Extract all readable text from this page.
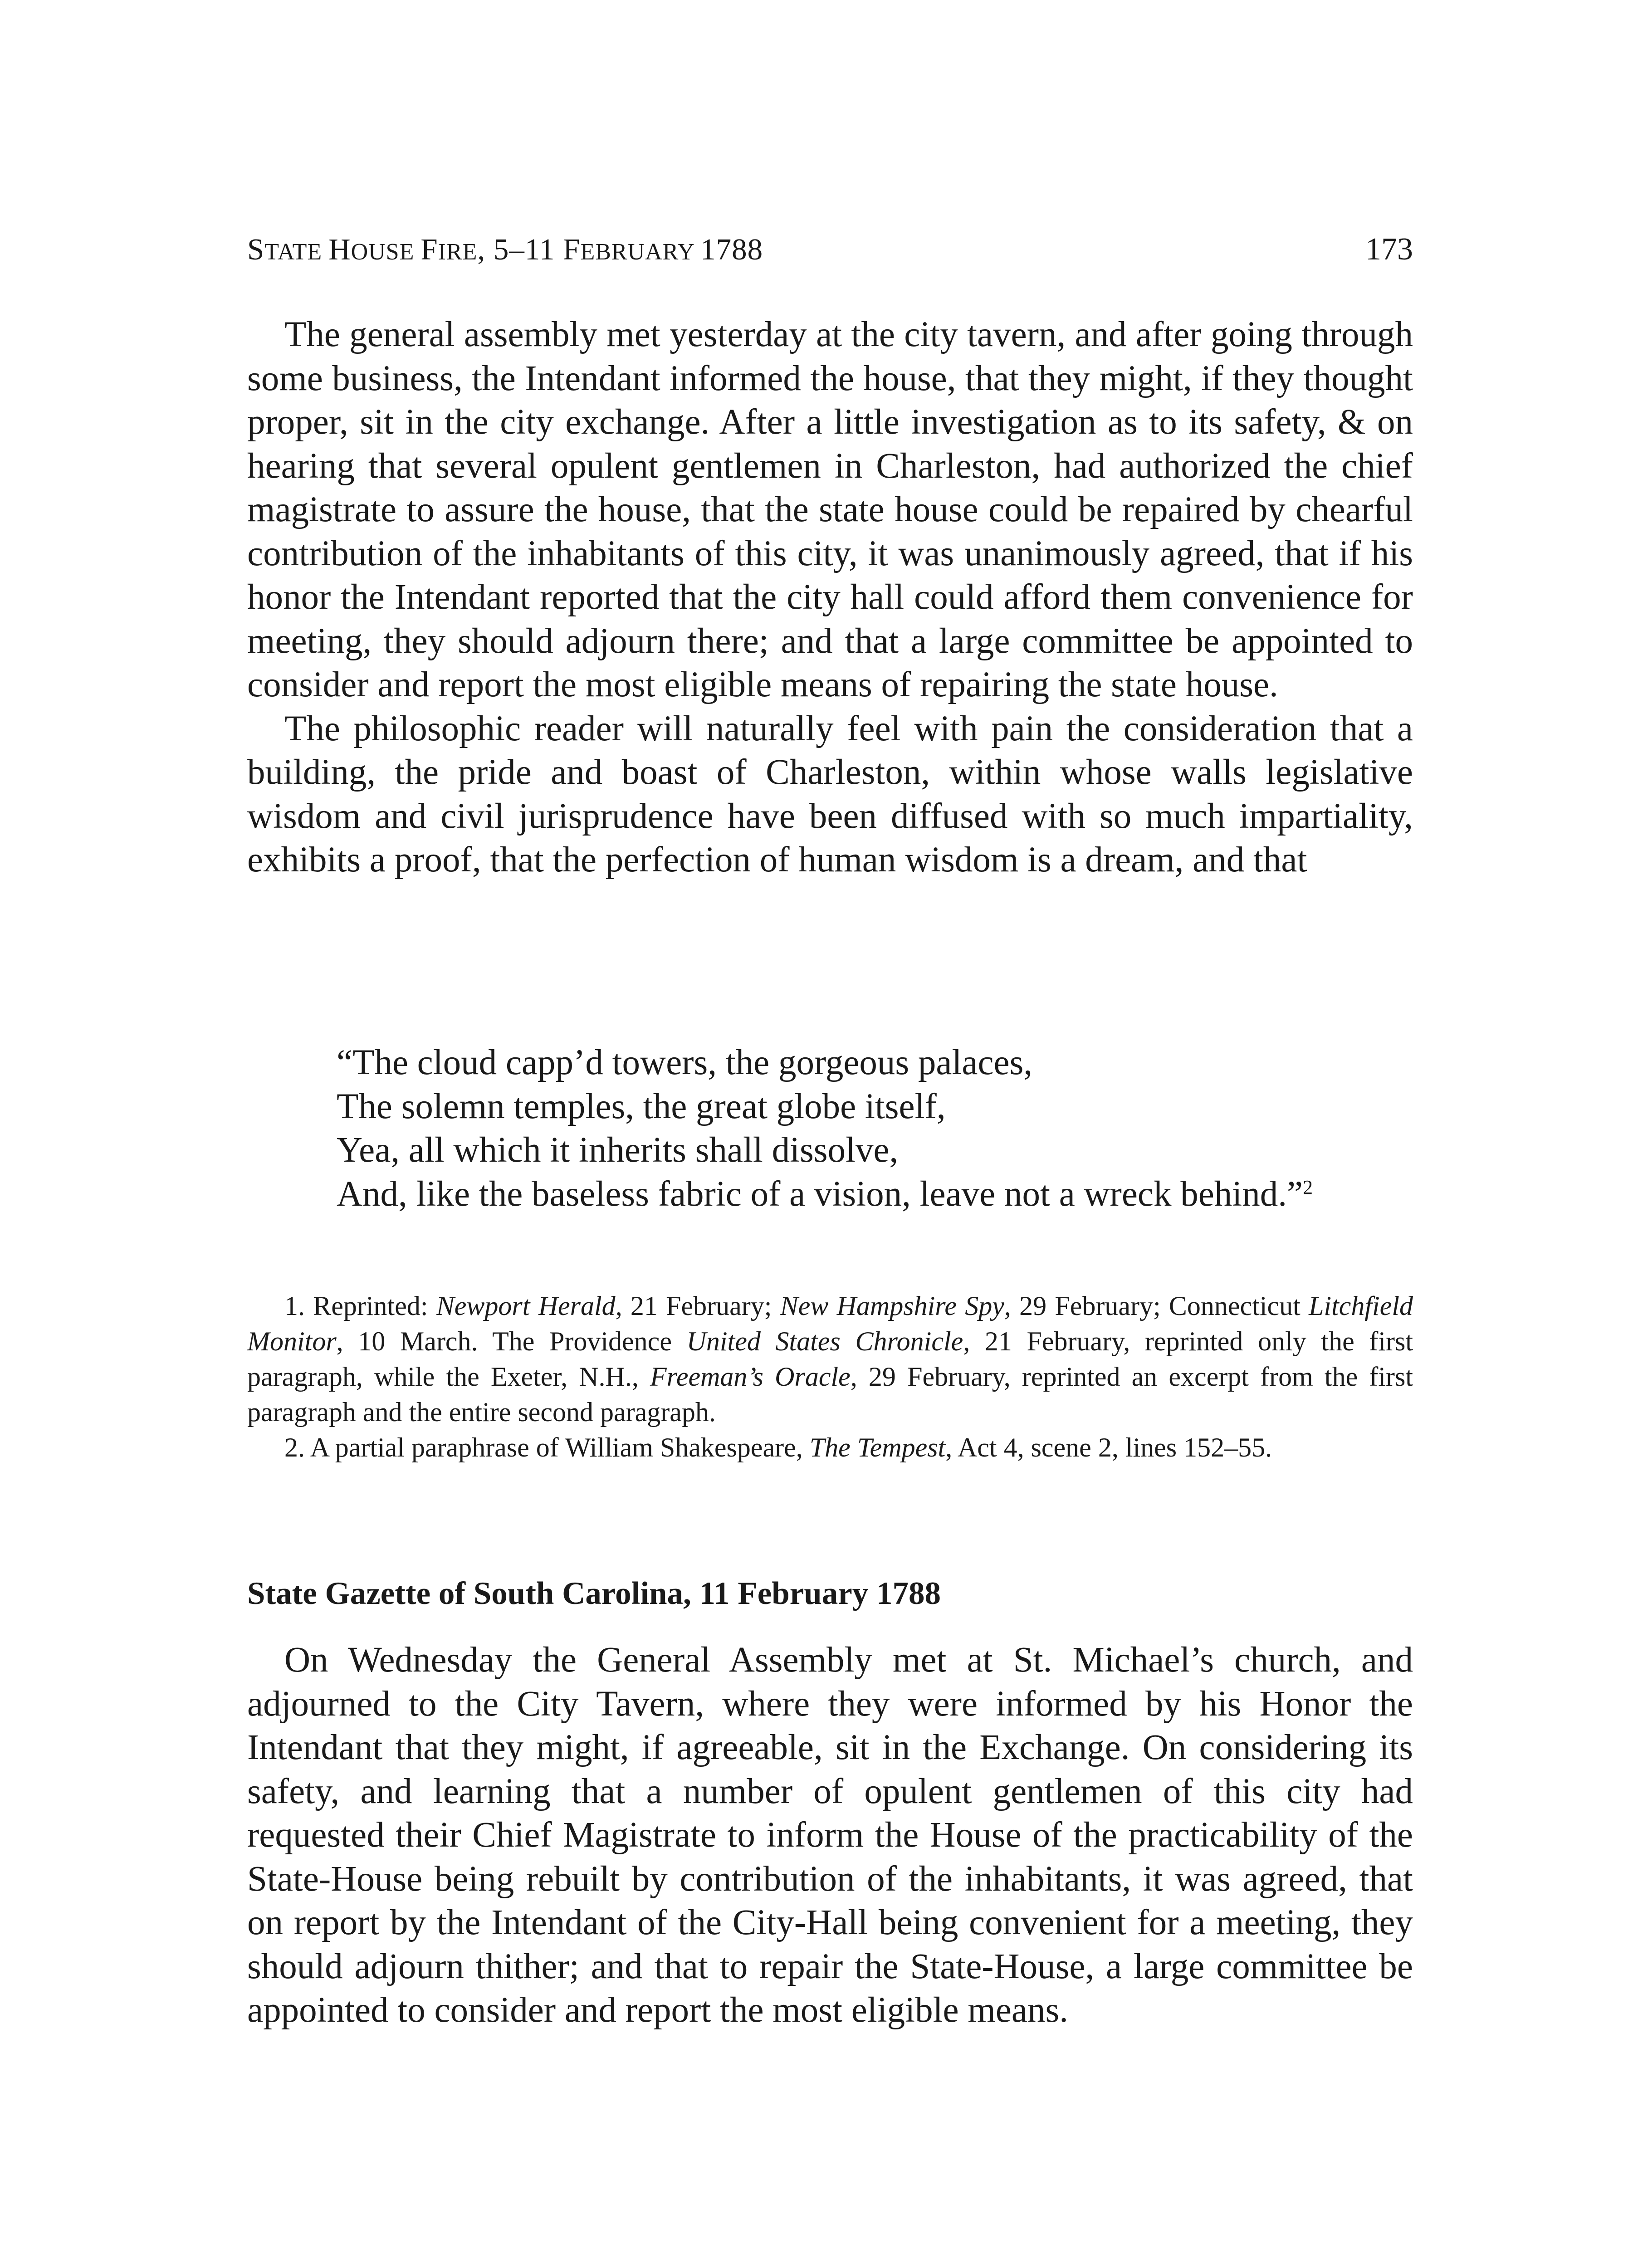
STATE HOUSE FIRE, 5–11 FEBRUARY 1788	173

The general assembly met yesterday at the city tavern, and after going through some business, the Intendant informed the house, that they might, if they thought proper, sit in the city exchange. After a little investigation as to its safety, & on hearing that several opulent gentlemen in Charleston, had authorized the chief magistrate to assure the house, that the state house could be repaired by chearful contribution of the inhabitants of this city, it was unanimously agreed, that if his honor the Intendant reported that the city hall could afford them convenience for meeting, they should adjourn there; and that a large committee be appointed to consider and report the most eligible means of repairing the state house.

The philosophic reader will naturally feel with pain the consideration that a building, the pride and boast of Charleston, within whose walls legislative wisdom and civil jurisprudence have been diffused with so much impartiality, exhibits a proof, that the perfection of human wisdom is a dream, and that

“The cloud capp’d towers, the gorgeous palaces,
The solemn temples, the great globe itself,
Yea, all which it inherits shall dissolve,
And, like the baseless fabric of a vision, leave not a wreck behind.”$^2$

1. Reprinted: Newport Herald, 21 February; New Hampshire Spy, 29 February; Connecticut Litchfield Monitor, 10 March. The Providence United States Chronicle, 21 February, reprinted only the first paragraph, while the Exeter, N.H., Freeman’s Oracle, 29 February, reprinted an excerpt from the first paragraph and the entire second paragraph.

2. A partial paraphrase of William Shakespeare, The Tempest, Act 4, scene 2, lines 152–55.

State Gazette of South Carolina, 11 February 1788

On Wednesday the General Assembly met at St. Michael’s church, and adjourned to the City Tavern, where they were informed by his Honor the Intendant that they might, if agreeable, sit in the Exchange. On considering its safety, and learning that a number of opulent gentlemen of this city had requested their Chief Magistrate to inform the House of the practicability of the State-House being rebuilt by contribution of the inhabitants, it was agreed, that on report by the Intendant of the City-Hall being convenient for a meeting, they should adjourn thither; and that to repair the State-House, a large committee be appointed to consider and report the most eligible means.
